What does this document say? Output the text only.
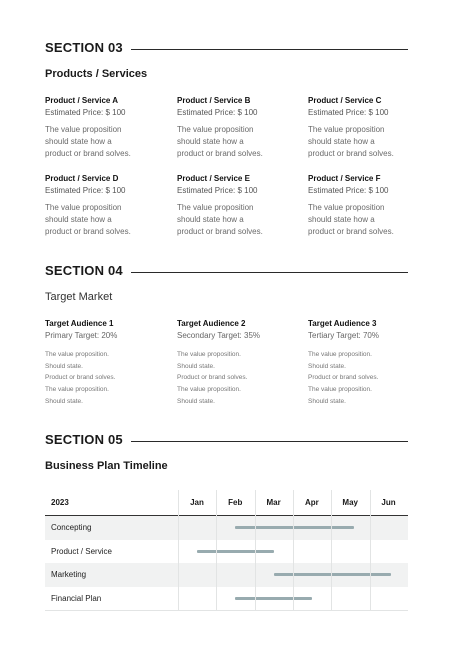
SECTION 03
Products / Services
Product / Service A
Estimated Price: $ 100
The value proposition
should state how a
product or brand solves.
Product / Service B
Estimated Price: $ 100
The value proposition
should state how a
product or brand solves.
Product / Service C
Estimated Price: $ 100
The value proposition
should state how a
product or brand solves.
Product / Service D
Estimated Price: $ 100
The value proposition
should state how a
product or brand solves.
Product / Service E
Estimated Price: $ 100
The value proposition
should state how a
product or brand solves.
Product / Service F
Estimated Price: $ 100
The value proposition
should state how a
product or brand solves.
SECTION 04
Target Market
Target Audience 1
Primary Target: 20%
The value proposition.
Should state.
Product or brand solves.
The value proposition.
Should state.
Target Audience 2
Secondary Target: 35%
The value proposition.
Should state.
Product or brand solves.
The value proposition.
Should state.
Target Audience 3
Tertiary Target: 70%
The value proposition.
Should state.
Product or brand solves.
The value proposition.
Should state.
SECTION 05
Business Plan Timeline
2023	Jan	Feb	Mar	Apr	May	Jun
Concepting
Product / Service
Marketing
Financial Plan
